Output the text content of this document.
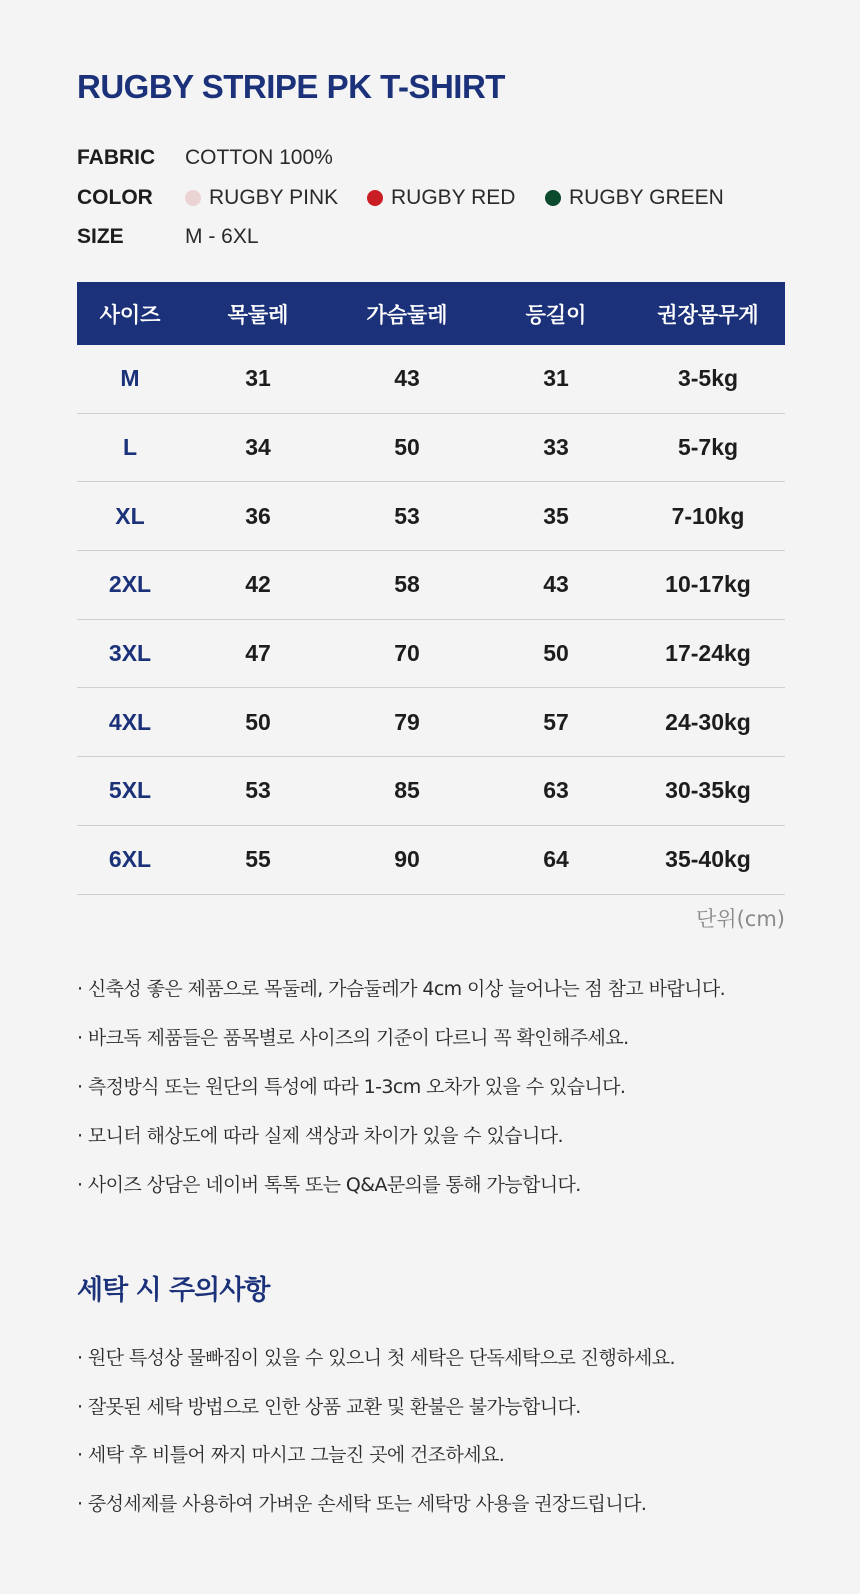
RUGBY STRIPE PK T-SHIRT
FABRIC	COTTON 100%
COLOR	RUGBY PINK	RUGBY RED	RUGBY GREEN
SIZE	M - 6XL
사이즈	목둘레	가슴둘레	등길이	권장몸무게
M	31	43	31	3-5kg
L	34	50	33	5-7kg
XL	36	53	35	7-10kg
2XL	42	58	43	10-17kg
3XL	47	70	50	17-24kg
4XL	50	79	57	24-30kg
5XL	53	85	63	30-35kg
6XL	55	90	64	35-40kg
단위(cm)
· 신축성 좋은 제품으로 목둘레, 가슴둘레가 4cm 이상 늘어나는 점 참고 바랍니다.
· 바크독 제품들은 품목별로 사이즈의 기준이 다르니 꼭 확인해주세요.
· 측정방식 또는 원단의 특성에 따라 1-3cm 오차가 있을 수 있습니다.
· 모니터 해상도에 따라 실제 색상과 차이가 있을 수 있습니다.
· 사이즈 상담은 네이버 톡톡 또는 Q&A문의를 통해 가능합니다.
세탁 시 주의사항
· 원단 특성상 물빠짐이 있을 수 있으니 첫 세탁은 단독세탁으로 진행하세요.
· 잘못된 세탁 방법으로 인한 상품 교환 및 환불은 불가능합니다.
· 세탁 후 비틀어 짜지 마시고 그늘진 곳에 건조하세요.
· 중성세제를 사용하여 가벼운 손세탁 또는 세탁망 사용을 권장드립니다.
